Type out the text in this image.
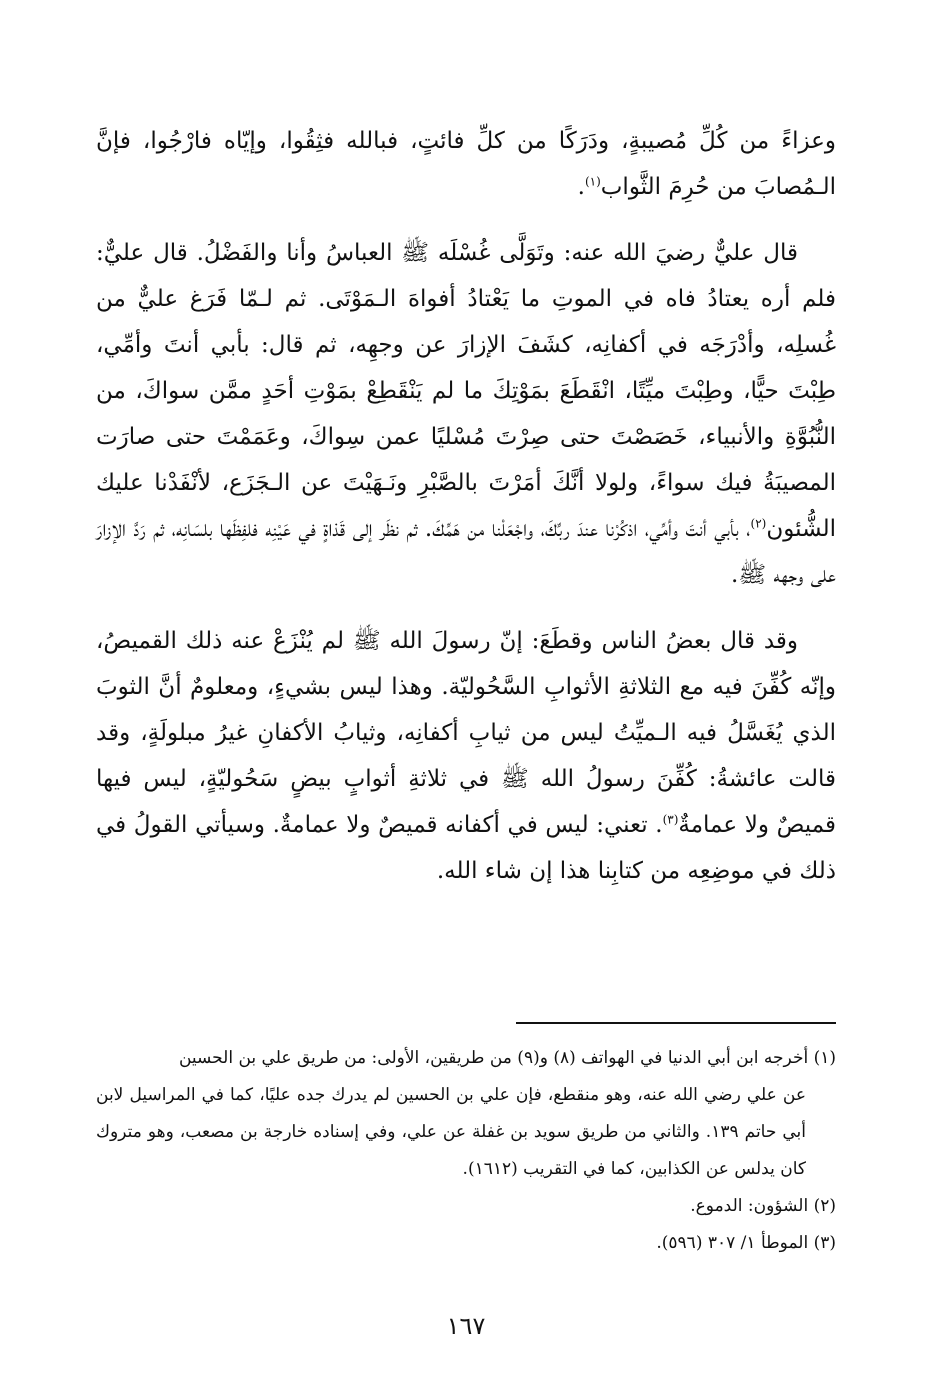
وعزاءً من كُلِّ مُصيبةٍ، ودَرَكًا من كلِّ فائتٍ، فبالله فثِقُوا، وإيّاه فارْجُوا، فإنَّ الـمُصابَ من حُرِمَ الثَّواب$^{(١)}$.

قال عليٌّ رضيَ الله عنه: وتَوَلَّى غُسْلَه ﷺ العباسُ وأنا والفَضْلُ. قال عليٌّ: فلم أره يعتادُ فاه في الموتِ ما يَعْتادُ أفواهَ الـمَوْتَى. ثم لـمّا فَرَغ عليٌّ من غُسلِه، وأدْرَجَه في أكفانِه، كشَفَ الإزارَ عن وجهِه، ثم قال: بأبي أنتَ وأمِّي، طِبْتَ حيًّا، وطِبْتَ ميِّتًا، انْقَطَعَ بمَوْتِكَ ما لم يَنْقَطِعْ بمَوْتِ أحَدٍ ممَّن سواكَ، من النُّبُوَّةِ والأنبياء، خَصَصْتَ حتى صِرْتَ مُسْليًا عمن سِواكَ، وعَمَمْتَ حتى صارَت المصيبَةُ فيك سواءً، ولولا أنَّكَ أمَرْتَ بالصَّبْرِ ونَـهَيْتَ عن الـجَزَع، لأنْفَدْنا عليك الشُّئون$^{(٢)}$، بأبي أنتَ وأمِّي، اذكُرْنا عندَ ربِّكَ، واجْعَلْنا من هَمِّكَ. ثم نظَر إلى قَذاةٍ في عَيْنِه فلفِظَها بلسَانِه، ثم رَدَّ الإزارَ على وجهه ﷺ.

وقد قال بعضُ الناس وقطَعَ: إنّ رسولَ الله ﷺ لم يُنْزَعْ عنه ذلك القميصُ، وإنّه كُفِّنَ فيه مع الثلاثةِ الأثوابِ السَّحُوليّة. وهذا ليس بشيءٍ، ومعلومٌ أنَّ الثوبَ الذي يُغَسَّلُ فيه الـميِّتُ ليس من ثيابِ أكفانِه، وثيابُ الأكفانِ غيرُ مبلولَةٍ، وقد قالت عائشةُ: كُفِّنَ رسولُ الله ﷺ في ثلاثةِ أثوابٍ بيضٍ سَحُوليّةٍ، ليس فيها قميصٌ ولا عمامةٌ$^{(٣)}$. تعني: ليس في أكفانه قميصٌ ولا عمامةٌ. وسيأتي القولُ في ذلك في موضِعِه من كتابِنا هذا إن شاء الله.

(١) أخرجه ابن أبي الدنيا في الهواتف (٨) و(٩) من طريقين، الأولى: من طريق علي بن الحسين

عن علي رضي الله عنه، وهو منقطع، فإن علي بن الحسين لم يدرك جده عليًا، كما في المراسيل لابن أبي حاتم ١٣٩. والثاني من طريق سويد بن غفلة عن علي، وفي إسناده خارجة بن مصعب، وهو متروك كان يدلس عن الكذابين، كما في التقريب (١٦١٢).

(٢) الشؤون: الدموع.

(٣) الموطأ ١/ ٣٠٧ (٥٩٦).

١٦٧
